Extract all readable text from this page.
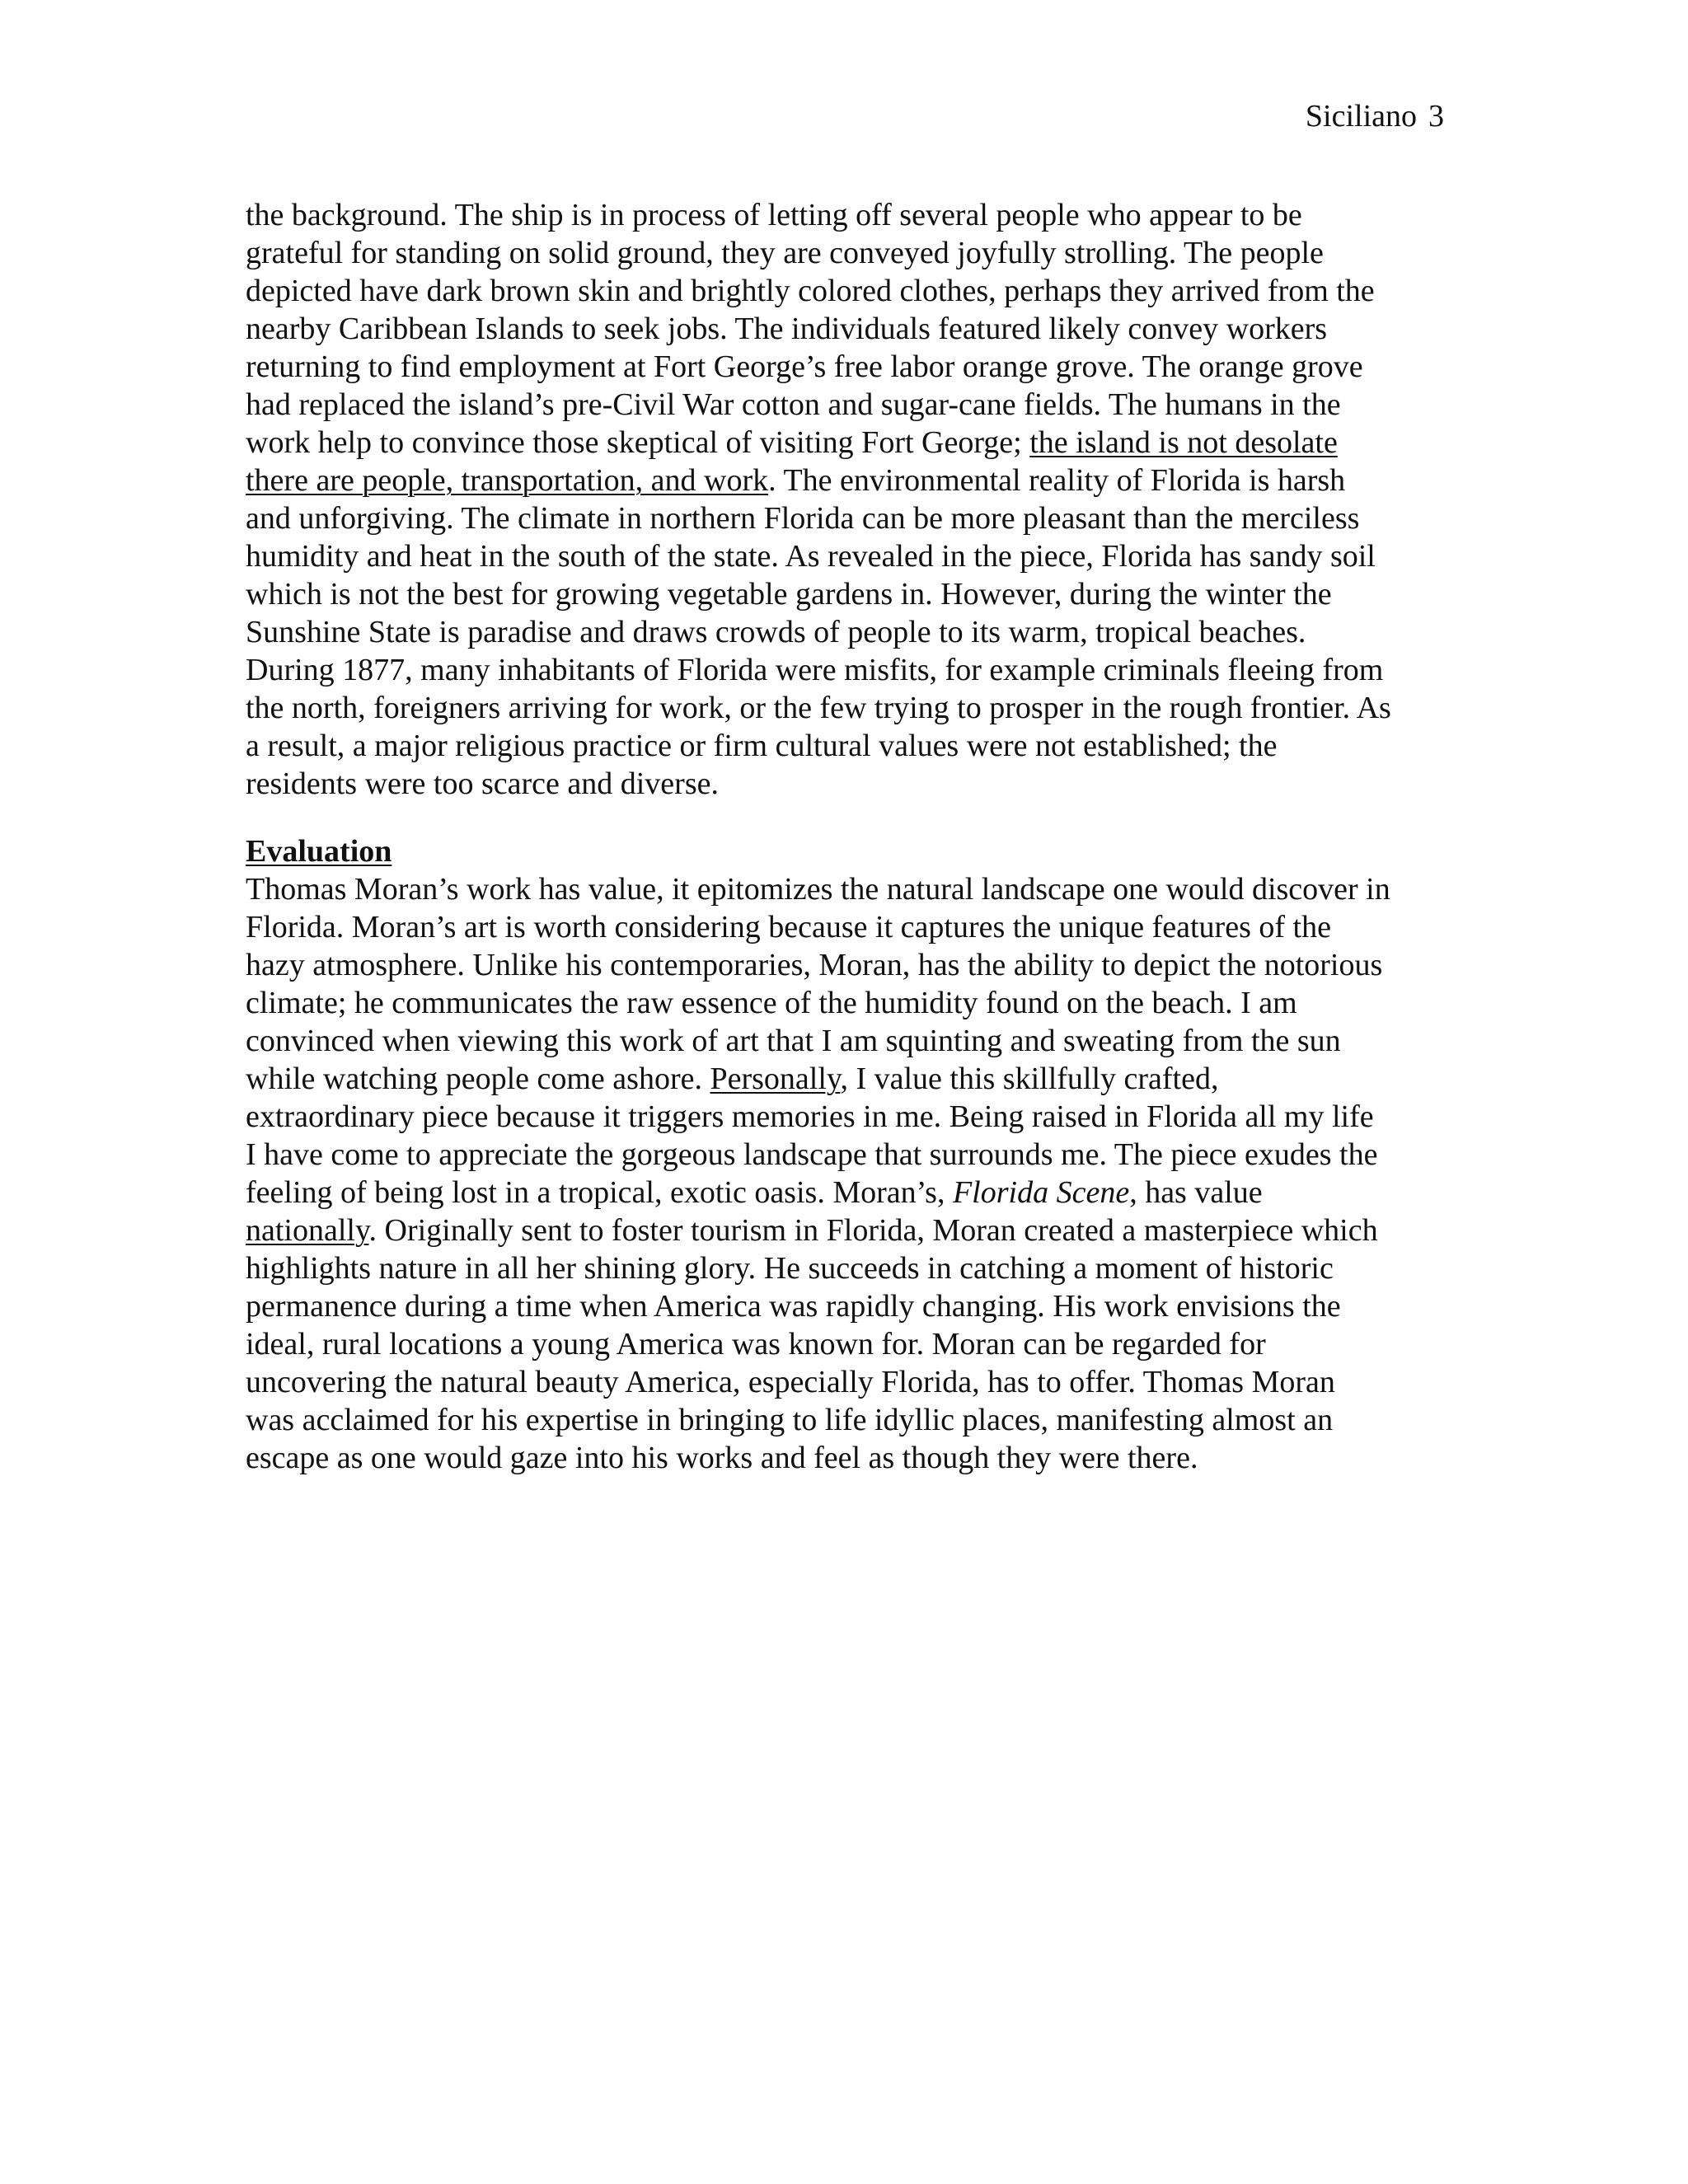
Siciliano 3
the background. The ship is in process of letting off several people who appear to be
grateful for standing on solid ground, they are conveyed joyfully strolling. The people
depicted have dark brown skin and brightly colored clothes, perhaps they arrived from the
nearby Caribbean Islands to seek jobs. The individuals featured likely convey workers
returning to find employment at Fort George’s free labor orange grove. The orange grove
had replaced the island’s pre-Civil War cotton and sugar-cane fields. The humans in the
work help to convince those skeptical of visiting Fort George; the island is not desolate
there are people, transportation, and work. The environmental reality of Florida is harsh
and unforgiving. The climate in northern Florida can be more pleasant than the merciless
humidity and heat in the south of the state. As revealed in the piece, Florida has sandy soil
which is not the best for growing vegetable gardens in. However, during the winter the
Sunshine State is paradise and draws crowds of people to its warm, tropical beaches.
During 1877, many inhabitants of Florida were misfits, for example criminals fleeing from
the north, foreigners arriving for work, or the few trying to prosper in the rough frontier. As
a result, a major religious practice or firm cultural values were not established; the
residents were too scarce and diverse.
Evaluation
Thomas Moran’s work has value, it epitomizes the natural landscape one would discover in
Florida. Moran’s art is worth considering because it captures the unique features of the
hazy atmosphere. Unlike his contemporaries, Moran, has the ability to depict the notorious
climate; he communicates the raw essence of the humidity found on the beach. I am
convinced when viewing this work of art that I am squinting and sweating from the sun
while watching people come ashore. Personally, I value this skillfully crafted,
extraordinary piece because it triggers memories in me. Being raised in Florida all my life
I have come to appreciate the gorgeous landscape that surrounds me. The piece exudes the
feeling of being lost in a tropical, exotic oasis. Moran’s, Florida Scene, has value
nationally. Originally sent to foster tourism in Florida, Moran created a masterpiece which
highlights nature in all her shining glory. He succeeds in catching a moment of historic
permanence during a time when America was rapidly changing. His work envisions the
ideal, rural locations a young America was known for. Moran can be regarded for
uncovering the natural beauty America, especially Florida, has to offer. Thomas Moran
was acclaimed for his expertise in bringing to life idyllic places, manifesting almost an
escape as one would gaze into his works and feel as though they were there.
